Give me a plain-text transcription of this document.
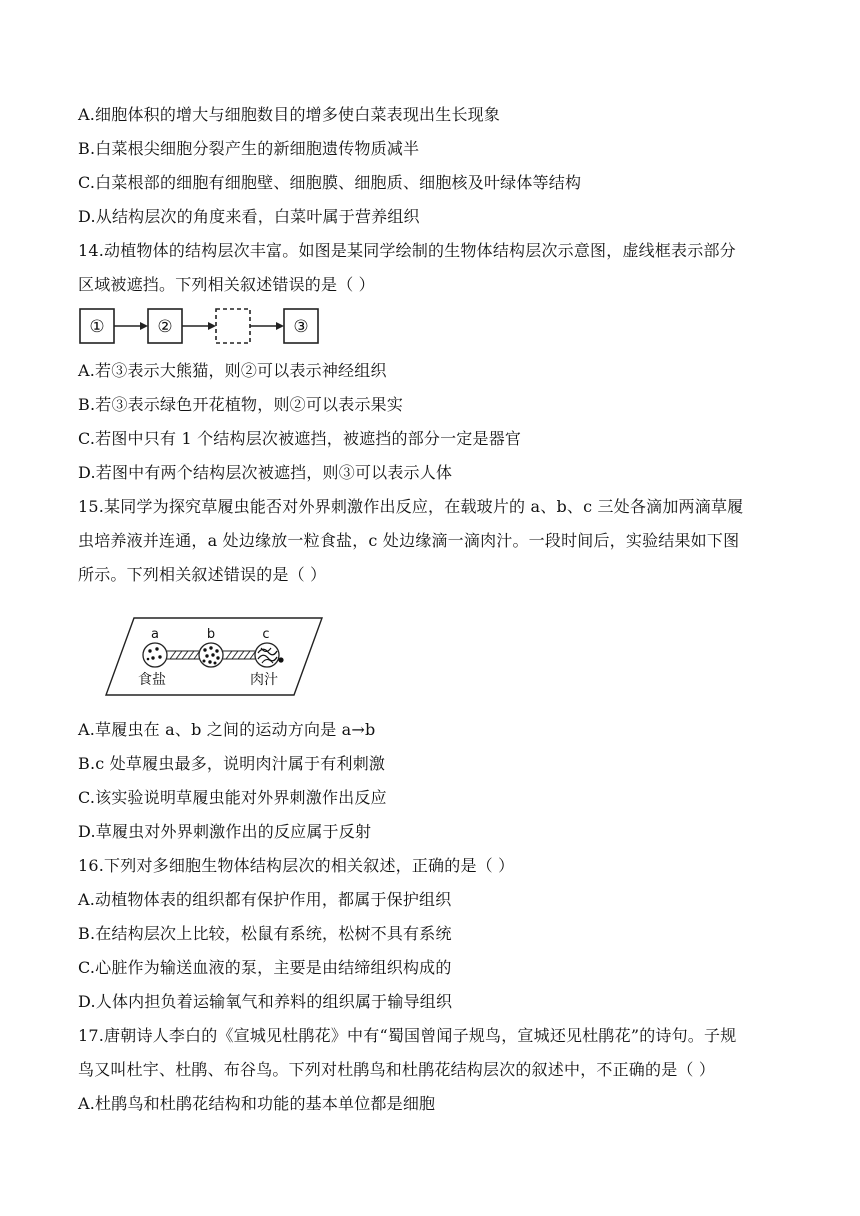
A.细胞体积的增大与细胞数目的增多使白菜表现出生长现象
B.白菜根尖细胞分裂产生的新细胞遗传物质减半
C.白菜根部的细胞有细胞壁、细胞膜、细胞质、细胞核及叶绿体等结构
D.从结构层次的角度来看，白菜叶属于营养组织
14.动植物体的结构层次丰富。如图是某同学绘制的生物体结构层次示意图，虚线框表示部分
区域被遮挡。下列相关叙述错误的是（ ）
①	②	③
A.若③表示大熊猫，则②可以表示神经组织
B.若③表示绿色开花植物，则②可以表示果实
C.若图中只有 1 个结构层次被遮挡，被遮挡的部分一定是器官
D.若图中有两个结构层次被遮挡，则③可以表示人体
15.某同学为探究草履虫能否对外界刺激作出反应，在载玻片的 a、b、c 三处各滴加两滴草履
虫培养液并连通，a 处边缘放一粒食盐，c 处边缘滴一滴肉汁。一段时间后，实验结果如下图
所示。下列相关叙述错误的是（ ）
a	b	c
食盐	肉汁
A.草履虫在 a、b 之间的运动方向是 a→b
B.c 处草履虫最多，说明肉汁属于有利刺激
C.该实验说明草履虫能对外界刺激作出反应
D.草履虫对外界刺激作出的反应属于反射
16.下列对多细胞生物体结构层次的相关叙述，正确的是（ ）
A.动植物体表的组织都有保护作用，都属于保护组织
B.在结构层次上比较，松鼠有系统，松树不具有系统
C.心脏作为输送血液的泵，主要是由结缔组织构成的
D.人体内担负着运输氧气和养料的组织属于输导组织
17.唐朝诗人李白的《宣城见杜鹃花》中有“蜀国曾闻子规鸟，宣城还见杜鹃花”的诗句。子规
鸟又叫杜宇、杜鹃、布谷鸟。下列对杜鹃鸟和杜鹃花结构层次的叙述中，不正确的是（ ）
A.杜鹃鸟和杜鹃花结构和功能的基本单位都是细胞
